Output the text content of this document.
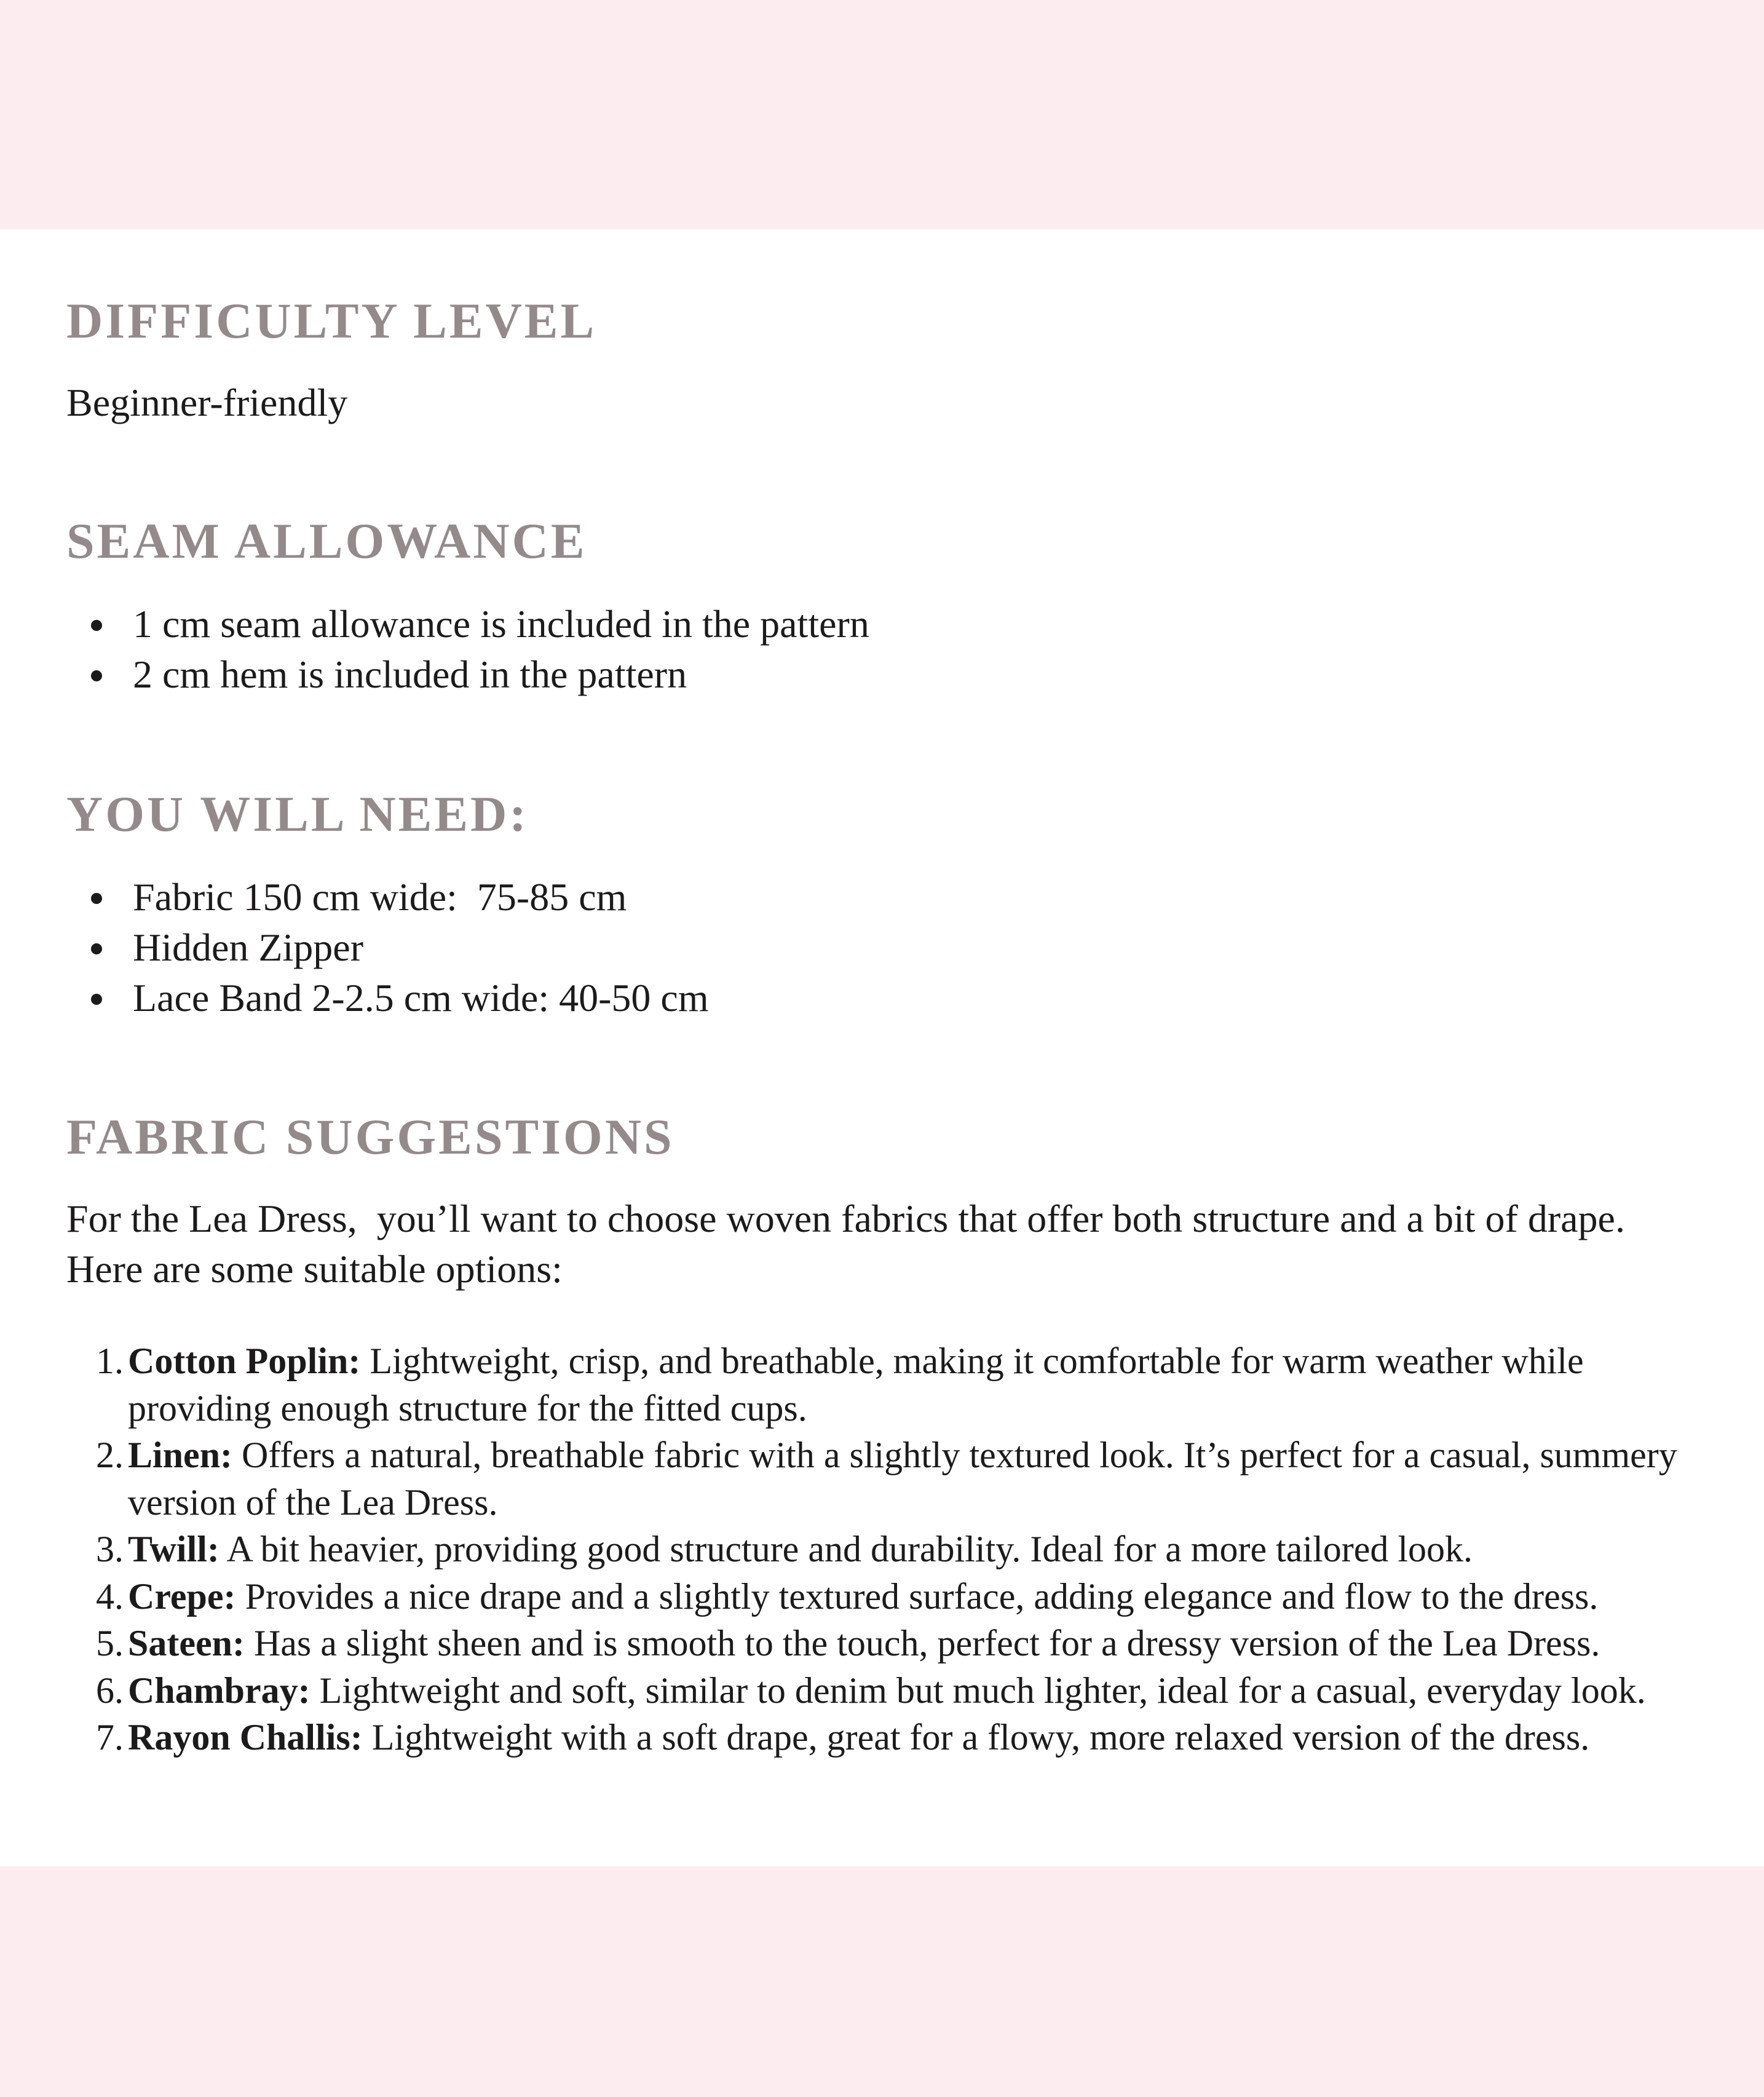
DIFFICULTY LEVEL

Beginner-friendly

SEAM ALLOWANCE
1 cm seam allowance is included in the pattern
2 cm hem is included in the pattern
YOU WILL NEED:
Fabric 150 cm wide:  75-85 cm
Hidden Zipper
Lace Band 2-2.5 cm wide: 40-50 cm
FABRIC SUGGESTIONS

For the Lea Dress,  you’ll want to choose woven fabrics that offer both structure and a bit of drape. Here are some suitable options:

1. Cotton Poplin: Lightweight, crisp, and breathable, making it comfortable for warm weather while providing enough structure for the fitted cups.
2. Linen: Offers a natural, breathable fabric with a slightly textured look. It’s perfect for a casual, summery version of the Lea Dress.
3. Twill: A bit heavier, providing good structure and durability. Ideal for a more tailored look.
4. Crepe: Provides a nice drape and a slightly textured surface, adding elegance and flow to the dress.
5. Sateen: Has a slight sheen and is smooth to the touch, perfect for a dressy version of the Lea Dress.
6. Chambray: Lightweight and soft, similar to denim but much lighter, ideal for a casual, everyday look.
7. Rayon Challis: Lightweight with a soft drape, great for a flowy, more relaxed version of the dress.
